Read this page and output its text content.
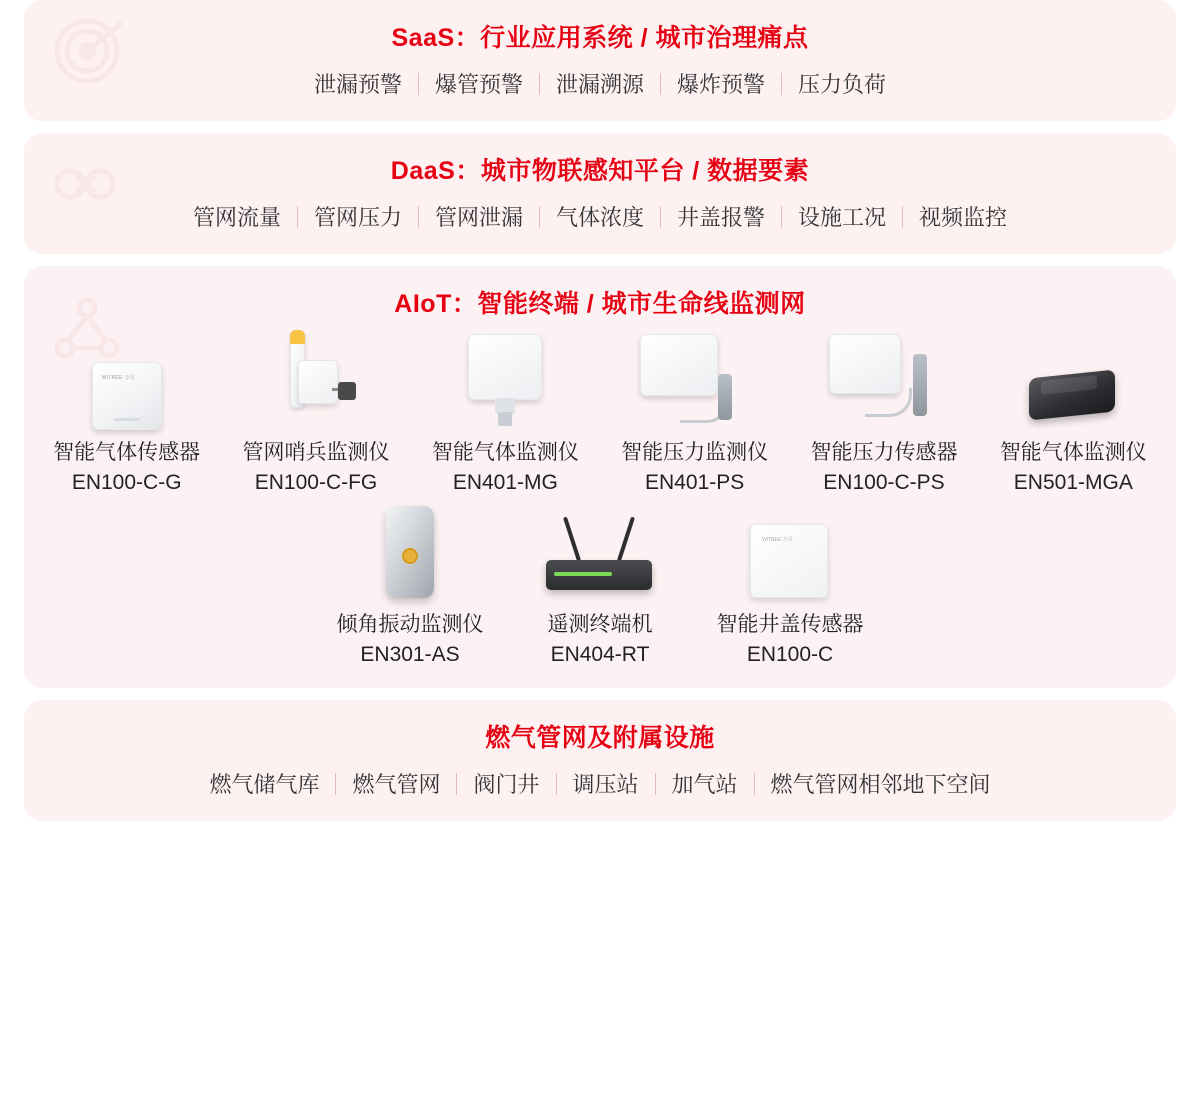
SaaS：行业应用系统 / 城市治理痛点
泄漏预警	爆管预警	泄漏溯源	爆炸预警	压力负荷
DaaS：城市物联感知平台 / 数据要素
管网流量	管网压力	管网泄漏	气体浓度	井盖报警	设施工况	视频监控
AIoT：智能终端 / 城市生命线监测网
WITBEE 万贝
智能气体传感器
EN100-C-G
管网哨兵监测仪
EN100-C-FG
智能气体监测仪
EN401-MG
智能压力监测仪
EN401-PS
智能压力传感器
EN100-C-PS
智能气体监测仪
EN501-MGA
倾角振动监测仪
EN301-AS
遥测终端机
EN404-RT
WITBEE 万贝
智能井盖传感器
EN100-C
燃气管网及附属设施
燃气储气库	燃气管网	阀门井	调压站	加气站	燃气管网相邻地下空间
